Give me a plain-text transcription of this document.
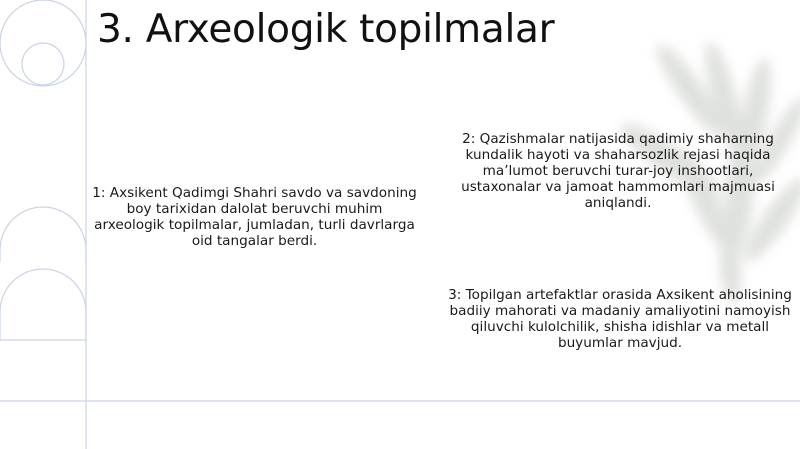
3. Arxeologik topilmalar
1: Axsikent Qadimgi Shahri savdo va savdoning boy tarixidan dalolat beruvchi muhim arxeologik topilmalar, jumladan, turli davrlarga oid tangalar berdi.
2: Qazishmalar natijasida qadimiy shaharning kundalik hayoti va shaharsozlik rejasi haqida ma’lumot beruvchi turar-joy inshootlari, ustaxonalar va jamoat hammomlari majmuasi aniqlandi.
3: Topilgan artefaktlar orasida Axsikent aholisining badiiy mahorati va madaniy amaliyotini namoyish qiluvchi kulolchilik, shisha idishlar va metall buyumlar mavjud.
